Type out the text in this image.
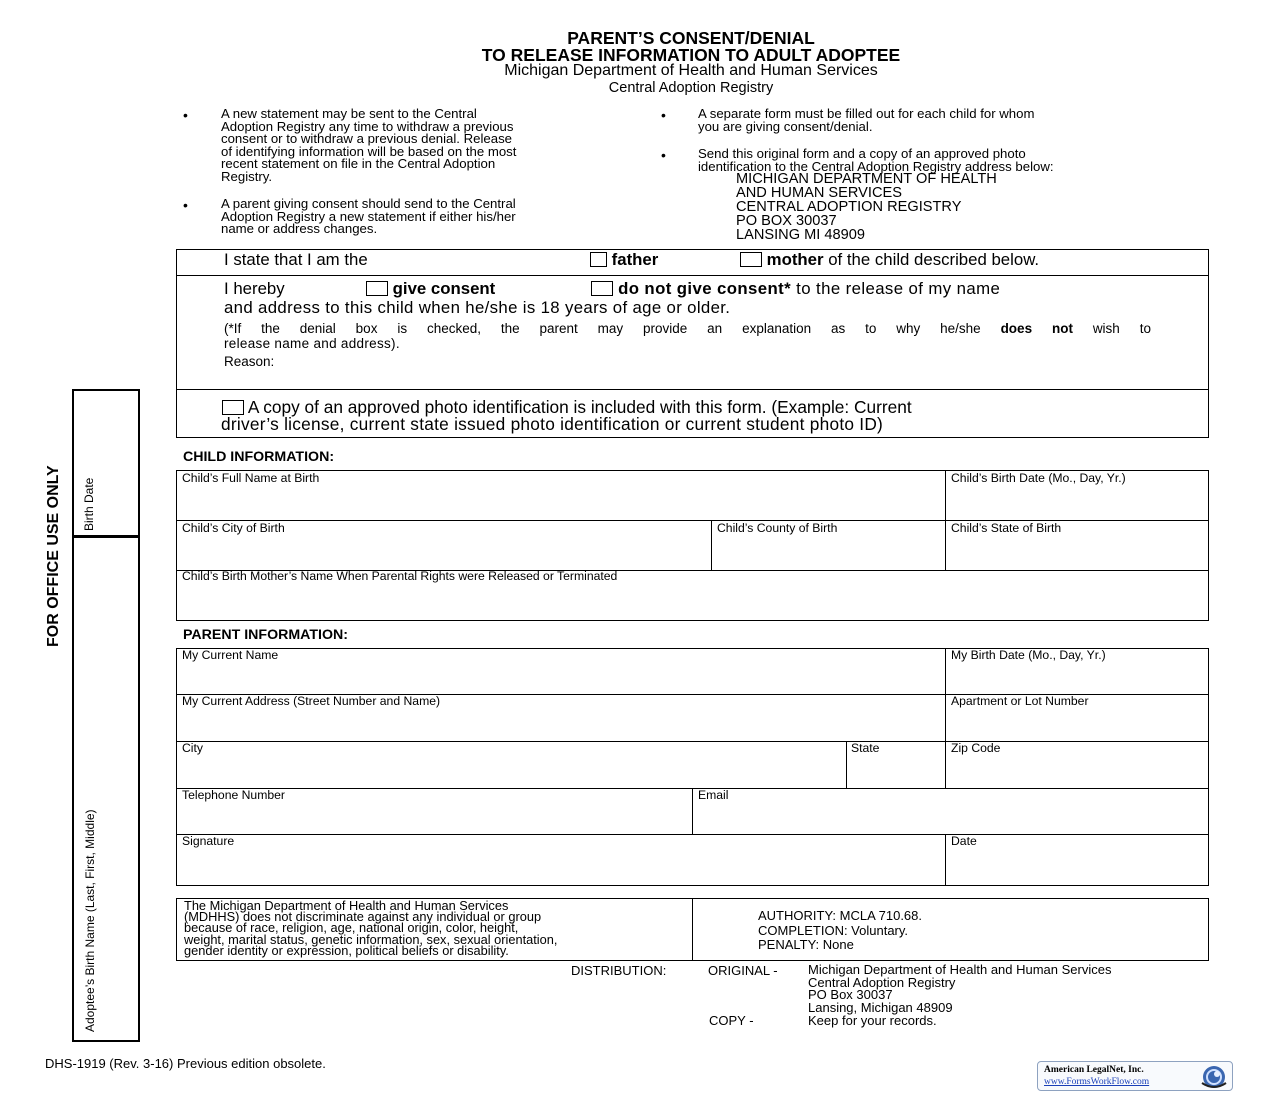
PARENT’S CONSENT/DENIAL
TO RELEASE INFORMATION TO ADULT ADOPTEE
Michigan Department of Health and Human Services
Central Adoption Registry
•	A new statement may be sent to the Central
Adoption Registry any time to withdraw a previous
consent or to withdraw a previous denial. Release
of identifying information will be based on the most
recent statement on file in the Central Adoption
Registry.
•	A parent giving consent should send to the Central
Adoption Registry a new statement if either his/her
name or address changes.
• A separate form must be filled out for each child for whom
you are giving consent/denial.
• Send this original form and a copy of an approved photo
identification to the Central Adoption Registry address below:
MICHIGAN DEPARTMENT OF HEALTH
AND HUMAN SERVICES
CENTRAL ADOPTION REGISTRY
PO BOX 30037
LANSING MI 48909
I state that I am the	father	mother of the child described below.
I hereby	give consent	do not give consent* to the release of my name
and address to this child when he/she is 18 years of age or older.
(*If the denial box is checked, the parent may provide an explanation as to why he/she does not wish to
release name and address).
Reason:
A copy of an approved photo identification is included with this form. (Example: Current
driver’s license, current state issued photo identification or current student photo ID)
CHILD INFORMATION:
Child’s Full Name at Birth	Child’s Birth Date (Mo., Day, Yr.)
Child’s City of Birth	Child’s County of Birth	Child’s State of Birth
Child’s Birth Mother’s Name When Parental Rights were Released or Terminated
PARENT INFORMATION:
My Current Name	My Birth Date (Mo., Day, Yr.)
My Current Address (Street Number and Name)	Apartment or Lot Number
City	State	Zip Code
Telephone Number	Email
Signature	Date
The Michigan Department of Health and Human Services
(MDHHS) does not discriminate against any individual or group
because of race, religion, age, national origin, color, height,
weight, marital status, genetic information, sex, sexual orientation,
gender identity or expression, political beliefs or disability.
AUTHORITY: MCLA 710.68.
COMPLETION: Voluntary.
PENALTY: None
DISTRIBUTION:	ORIGINAL - Michigan Department of Health and Human Services
Central Adoption Registry
PO Box 30037
Lansing, Michigan 48909
COPY -	Keep for your records.
DHS-1919 (Rev. 3-16) Previous edition obsolete.
FOR OFFICE USE ONLY Birth Date
Adoptee’s Birth Name (Last, First, Middle)
American LegalNet, Inc.
www.FormsWorkFlow.com
